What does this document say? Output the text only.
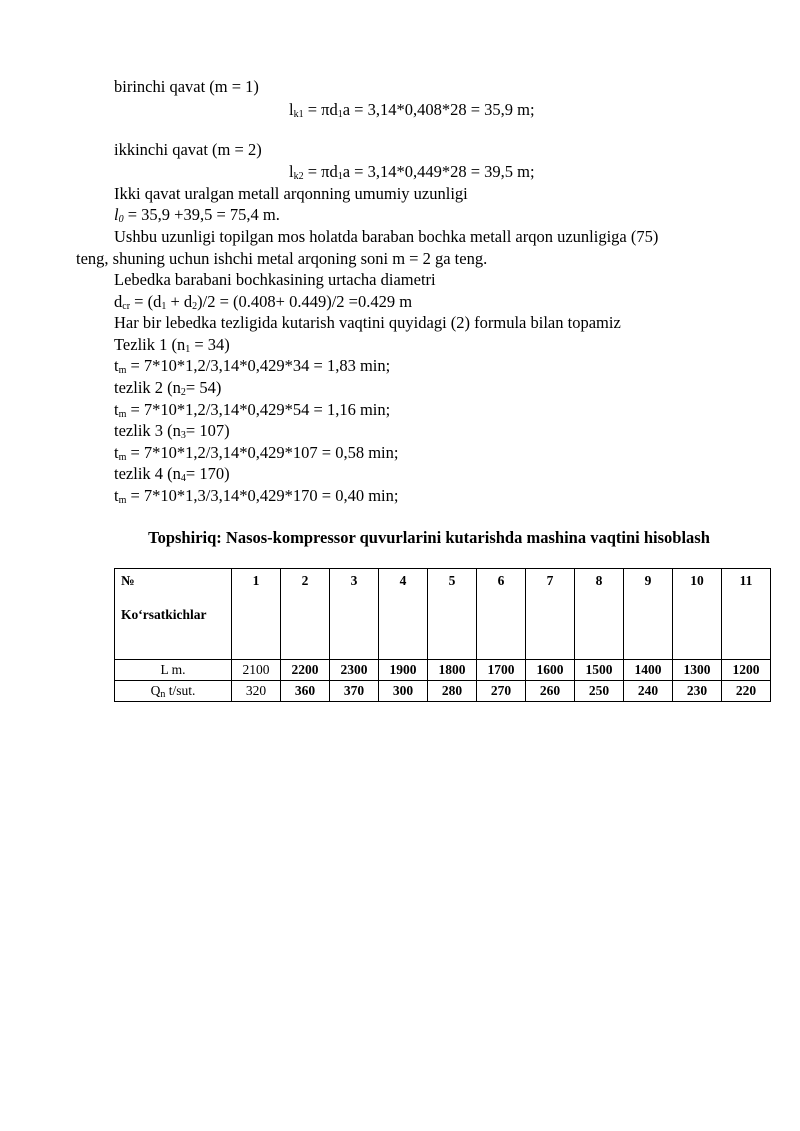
birinchi qavat (m = 1)
$l_{k1} = \pi d_1a = 3,14*0,408*28 = 35,9$ m;
ikkinchi qavat (m = 2)
$l_{k2} = \pi d_1a = 3,14*0,449*28 = 39,5$ m;
Ikki qavat uralgan metall arqonning umumiy uzunligi
$l_0 = 35,9 +39,5 = 75,4$ m.
Ushbu uzunligi topilgan mos holatda baraban bochka metall arqon uzunligiga (75)
teng, shuning uchun ishchi metal arqoning soni m = 2 ga teng.
Lebedka barabani bochkasining urtacha diametri
$d_{cr} = (d_1 + d_2)/2 = (0.408+ 0.449)/2 =0.429$ m
Har bir lebedka tezligida kutarish vaqtini quyidagi (2) formula bilan topamiz
Tezlik 1 $(n_1 = 34)$
$t_m = 7*10*1,2/3,14*0,429*34 = 1,83$ min;
tezlik 2 $(n_2= 54)$
$t_m = 7*10*1,2/3,14*0,429*54 = 1,16$ min;
tezlik 3 $(n_3= 107)$
$t_m = 7*10*1,2/3,14*0,429*107 = 0,58$ min;
tezlik 4 $(n_4= 170)$
$t_m = 7*10*1,3/3,14*0,429*170 = 0,40$ min;
Topshiriq: Nasos-kompressor quvurlarini kutarishda mashina vaqtini hisoblash
№
Koʻrsatkichlar	1	2	3	4	5	6	7	8	9	10	11
L m.	2100	2200	2300	1900	1800	1700	1600	1500	1400	1300	1200
$Q_n$ t/sut.	320	360	370	300	280	270	260	250	240	230	220
